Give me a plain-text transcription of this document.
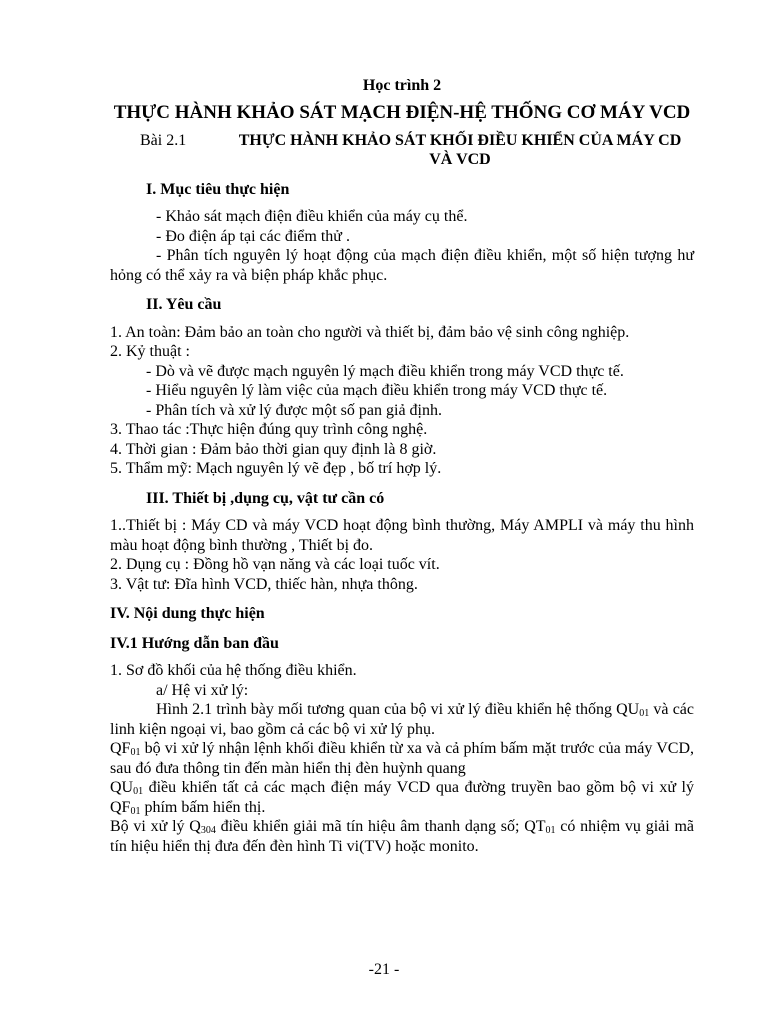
Học trình 2
THỰC HÀNH KHẢO SÁT MẠCH ĐIỆN-HỆ THỐNG CƠ MÁY VCD
Bài 2.1	THỰC HÀNH KHẢO SÁT KHỐI ĐIỀU KHIỂN CỦA MÁY CD VÀ VCD
I. Mục tiêu thực hiện

- Khảo sát mạch điện điều khiển của máy cụ thể.

- Đo điện áp tại các điểm thử .

- Phân tích nguyên lý hoạt động của mạch điện điều khiển, một số hiện tượng hư hỏng có thể xảy ra và biện pháp khắc phục.

II. Yêu cầu

1. An toàn: Đảm bảo an toàn cho người và thiết bị, đảm bảo vệ sinh công nghiệp.

2. Kỷ thuật :

- Dò và vẽ được mạch nguyên lý mạch điều khiển trong máy VCD thực tế.

- Hiểu nguyên lý làm việc của mạch điều khiển trong máy VCD thực tế.

- Phân tích và xử lý được một số pan giả định.

3. Thao tác :Thực hiện đúng quy trình công nghệ.

4. Thời gian : Đảm bảo thời gian quy định là 8 giờ.

5. Thẩm mỹ: Mạch nguyên lý vẽ đẹp , bố trí hợp lý.

III. Thiết bị ,dụng cụ, vật tư cần có

1..Thiết bị : Máy CD và máy VCD hoạt động bình thường, Máy AMPLI và máy thu hình màu hoạt động bình thường , Thiết bị đo.

2. Dụng cụ : Đồng hồ vạn năng và các loại tuốc vít.

3. Vật tư: Đĩa hình VCD, thiếc hàn, nhựa thông.

IV. Nội dung thực hiện
IV.1 Hướng dẫn ban đầu

1. Sơ đồ khối của hệ thống điều khiển.

a/ Hệ vi xử lý:

Hình 2.1 trình bày mối tương quan của bộ vi xử lý điều khiển hệ thống $QU_{01}$ và các linh kiện ngoại vi, bao gồm cả các bộ vi xử lý phụ.

$QF_{01}$ bộ vi xử lý nhận lệnh khối điều khiển từ xa và cả phím bấm mặt trước của máy VCD, sau đó đưa thông tin đến màn hiển thị đèn huỳnh quang

$QU_{01}$ điều khiển tất cả các mạch điện máy VCD qua đường truyền bao gồm bộ vi xử lý $QF_{01}$ phím bấm hiển thị.

Bộ vi xử lý $Q_{304}$ điều khiển giải mã tín hiệu âm thanh dạng số; $QT_{01}$ có nhiệm vụ giải mã tín hiệu hiển thị đưa đến đèn hình Ti vi(TV) hoặc monito.

-21 -
